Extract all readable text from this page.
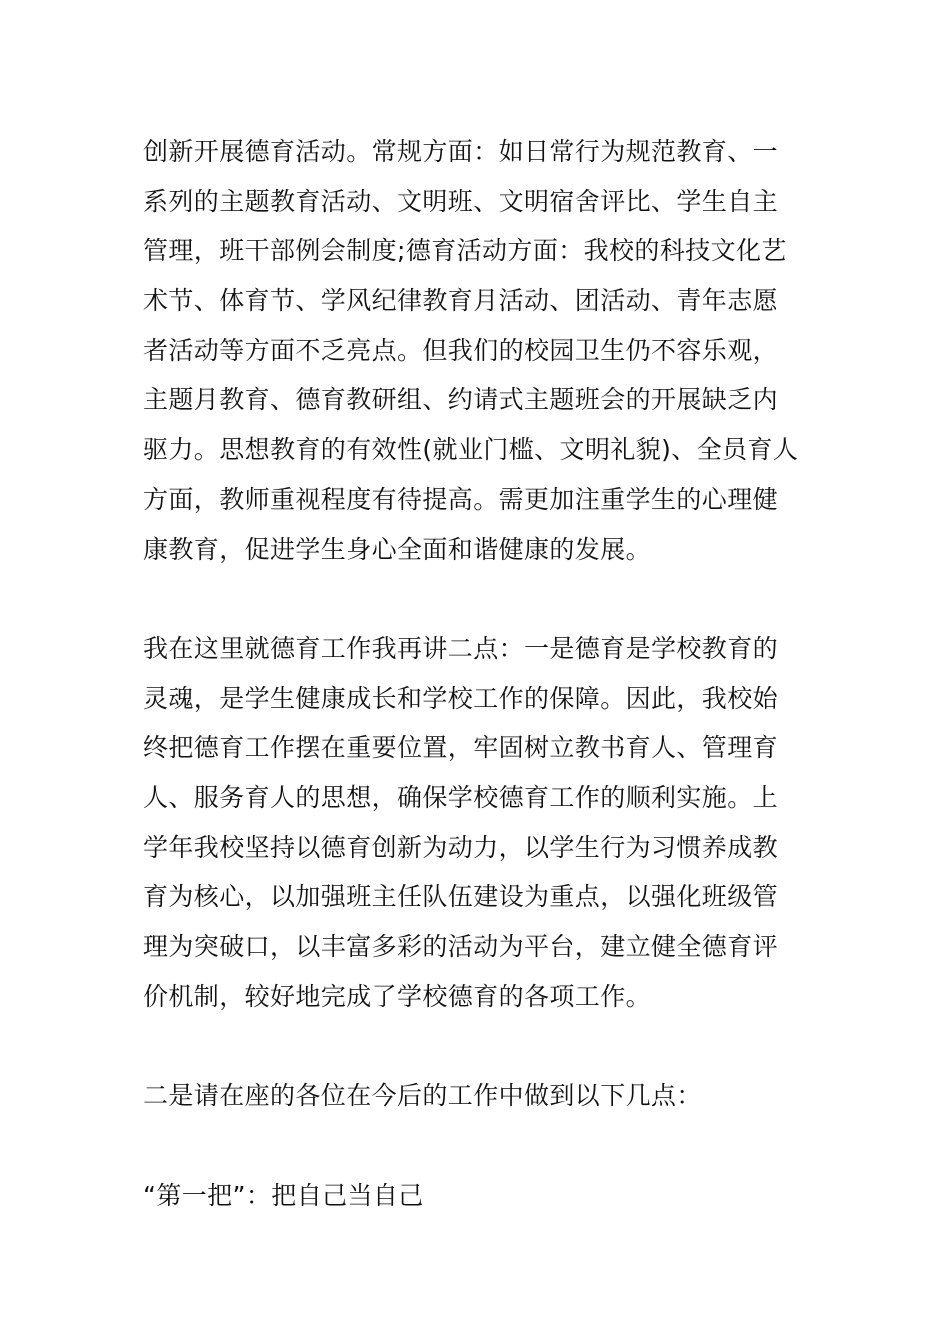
创新开展德育活动。常规方面：如日常行为规范教育、一
系列的主题教育活动、文明班、文明宿舍评比、学生自主
管理，班干部例会制度;德育活动方面：我校的科技文化艺
术节、体育节、学风纪律教育月活动、团活动、青年志愿
者活动等方面不乏亮点。但我们的校园卫生仍不容乐观，
主题月教育、德育教研组、约请式主题班会的开展缺乏内
驱力。思想教育的有效性(就业门槛、文明礼貌)、全员育人
方面，教师重视程度有待提高。需更加注重学生的心理健
康教育，促进学生身心全面和谐健康的发展。
我在这里就德育工作我再讲二点：一是德育是学校教育的
灵魂，是学生健康成长和学校工作的保障。因此，我校始
终把德育工作摆在重要位置，牢固树立教书育人、管理育
人、服务育人的思想，确保学校德育工作的顺利实施。上
学年我校坚持以德育创新为动力，以学生行为习惯养成教
育为核心，以加强班主任队伍建设为重点，以强化班级管
理为突破口，以丰富多彩的活动为平台，建立健全德育评
价机制，较好地完成了学校德育的各项工作。
二是请在座的各位在今后的工作中做到以下几点：
“第一把”：把自己当自己
